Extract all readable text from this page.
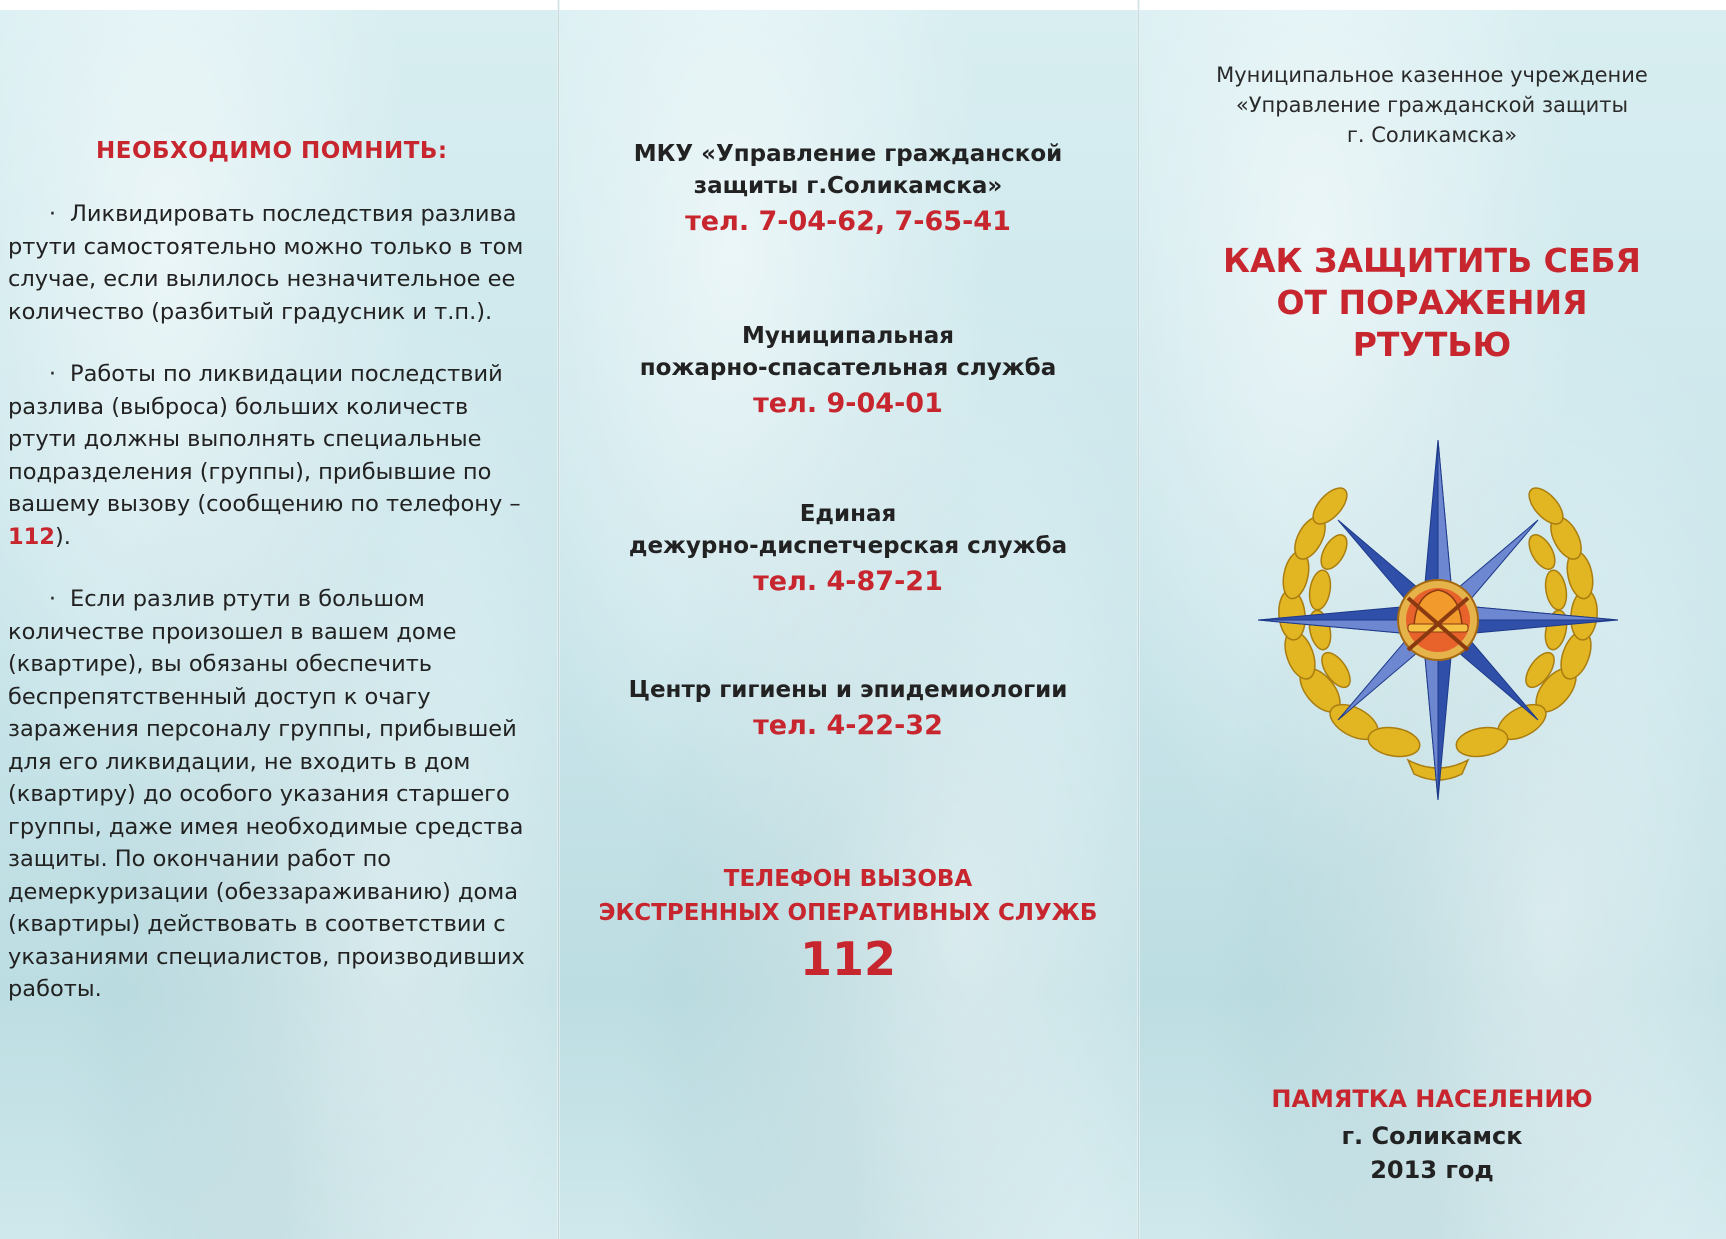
НЕОБХОДИМО ПОМНИТЬ:

· Ликвидировать последствия разлива ртути самостоятельно можно только в том случае, если вылилось незначительное ее количество (разбитый градусник и т.п.).

· Работы по ликвидации последствий разлива (выброса) больших количеств ртути должны выполнять специальные подразделения (группы), прибывшие по вашему вызову (сообщению по телефону – 112).

· Если разлив ртути в большом количестве произошел в вашем доме (квартире), вы обязаны обеспечить беспрепятственный доступ к очагу заражения персоналу группы, прибывшей для его ликвидации, не входить в дом (квартиру) до особого указания старшего группы, даже имея необходимые средства защиты. По окончании работ по демеркуризации (обеззараживанию) дома (квартиры) действовать в соответствии с указаниями специалистов, производивших работы.

МКУ «Управление гражданской
защиты г.Соликамска»
тел. 7-04-62, 7-65-41
Муниципальная
пожарно-спасательная служба
тел. 9-04-01
Единая
дежурно-диспетчерская служба
тел. 4-87-21
Центр гигиены и эпидемиологии
тел. 4-22-32
ТЕЛЕФОН ВЫЗОВА
ЭКСТРЕННЫХ ОПЕРАТИВНЫХ СЛУЖБ
112
Муниципальное казенное учреждение
«Управление гражданской защиты
г. Соликамска»
КАК ЗАЩИТИТЬ СЕБЯ
ОТ ПОРАЖЕНИЯ
РТУТЬЮ
ПАМЯТКА НАСЕЛЕНИЮ
г. Соликамск
2013 год
